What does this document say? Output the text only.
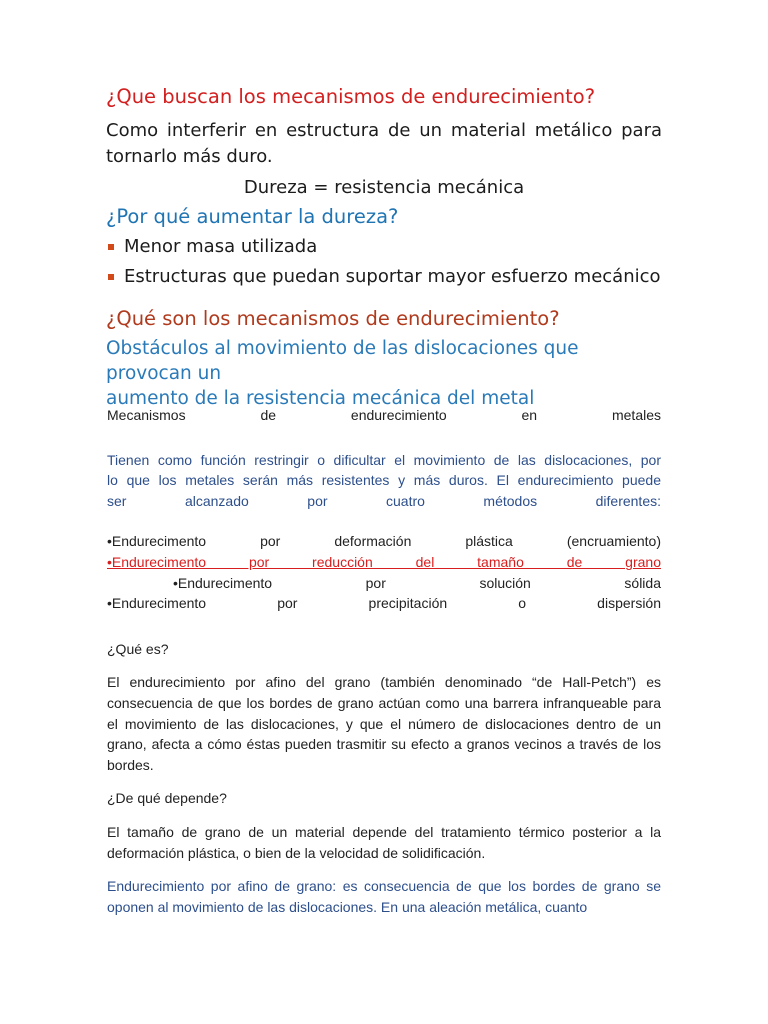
¿Que buscan los mecanismos de endurecimiento?

Como interferir en estructura de un material metálico para

tornarlo más duro.

Dureza = resistencia mecánica

¿Por qué aumentar la dureza?

Menor masa utilizada
Estructuras que puedan suportar mayor esfuerzo mecánico

¿Qué son los mecanismos de endurecimiento?

Obstáculos al movimiento de las dislocaciones que provocan un

aumento de la resistencia mecánica del metal

Mecanismos de endurecimiento en metales

Tienen como función restringir o dificultar el movimiento de las dislocaciones, por

lo que los metales serán más resistentes y más duros. El endurecimiento puede

ser alcanzado por cuatro métodos diferentes:

•Endurecimento por deformación plástica (encruamiento)

•Endurecimento por reducción del tamaño de grano

•Endurecimento por solución sólida

•Endurecimento por precipitación o dispersión

¿Qué es?

El endurecimiento por afino del grano (también denominado “de Hall-Petch”) es consecuencia de que los bordes de grano actúan como una barrera infranqueable para el movimiento de las dislocaciones, y que el número de dislocaciones dentro de un grano, afecta a cómo éstas pueden trasmitir su efecto a granos vecinos a través de los bordes.

¿De qué depende?

El tamaño de grano de un material depende del tratamiento térmico posterior a la deformación plástica, o bien de la velocidad de solidificación.

Endurecimiento por afino de grano: es consecuencia de que los bordes de grano se oponen al movimiento de las dislocaciones. En una aleación metálica, cuanto
